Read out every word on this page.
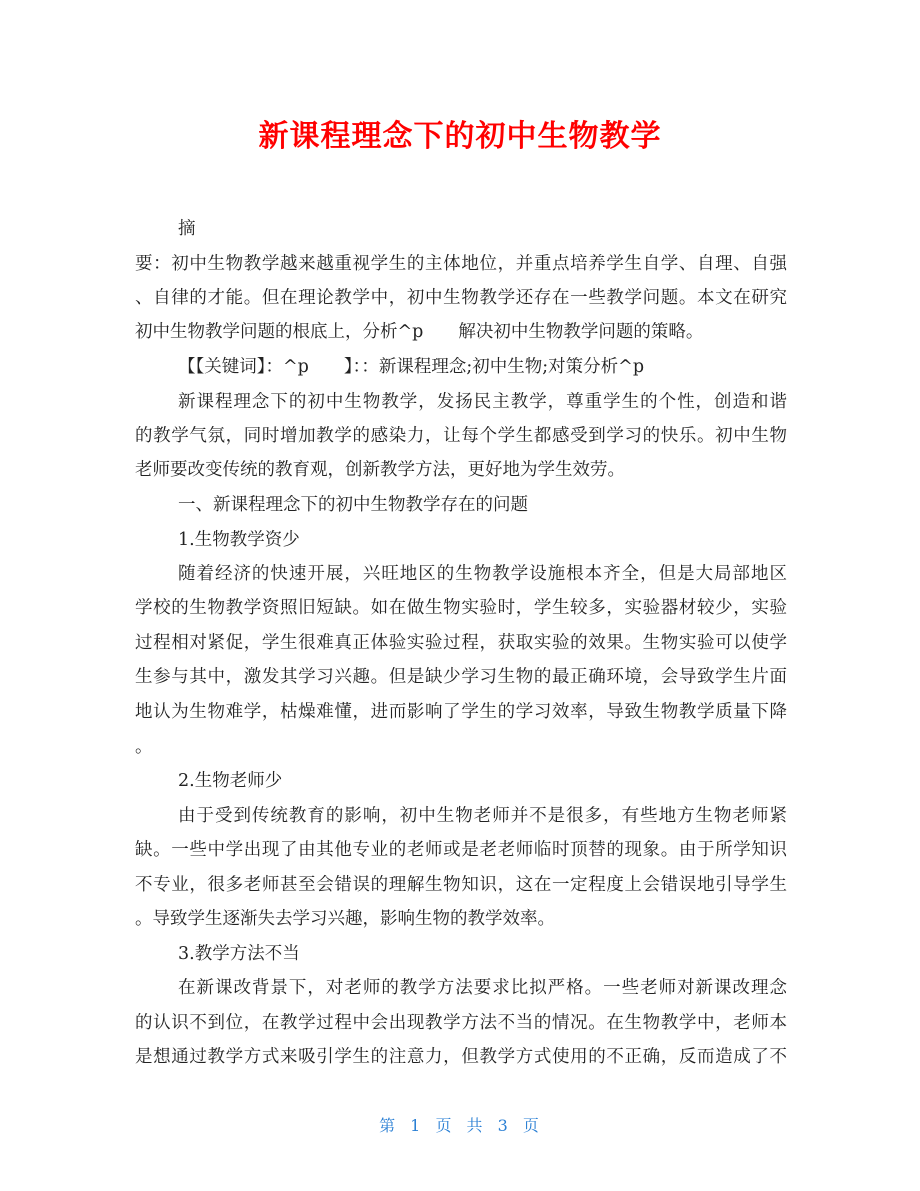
新课程理念下的初中生物教学
摘
要：初中生物教学越来越重视学生的主体地位，并重点培养学生自学、自理、自强
、自律的才能。但在理论教学中，初中生物教学还存在一些教学问题。本文在研究
初中生物教学问题的根底上，分析^p　　解决初中生物教学问题的策略。
【【关键词】：^p　　】：：新课程理念;初中生物;对策分析^p
新课程理念下的初中生物教学，发扬民主教学，尊重学生的个性，创造和谐
的教学气氛，同时增加教学的感染力，让每个学生都感受到学习的快乐。初中生物
老师要改变传统的教育观，创新教学方法，更好地为学生效劳。
一、新课程理念下的初中生物教学存在的问题
1.生物教学资少
随着经济的快速开展，兴旺地区的生物教学设施根本齐全，但是大局部地区
学校的生物教学资照旧短缺。如在做生物实验时，学生较多，实验器材较少，实验
过程相对紧促，学生很难真正体验实验过程，获取实验的效果。生物实验可以使学
生参与其中，激发其学习兴趣。但是缺少学习生物的最正确环境，会导致学生片面
地认为生物难学，枯燥难懂，进而影响了学生的学习效率，导致生物教学质量下降
。
2.生物老师少
由于受到传统教育的影响，初中生物老师并不是很多，有些地方生物老师紧
缺。一些中学出现了由其他专业的老师或是老老师临时顶替的现象。由于所学知识
不专业，很多老师甚至会错误的理解生物知识，这在一定程度上会错误地引导学生
。导致学生逐渐失去学习兴趣，影响生物的教学效率。
3.教学方法不当
在新课改背景下，对老师的教学方法要求比拟严格。一些老师对新课改理念
的认识不到位，在教学过程中会出现教学方法不当的情况。在生物教学中，老师本
是想通过教学方式来吸引学生的注意力，但教学方式使用的不正确，反而造成了不
第 1 页 共 3 页
